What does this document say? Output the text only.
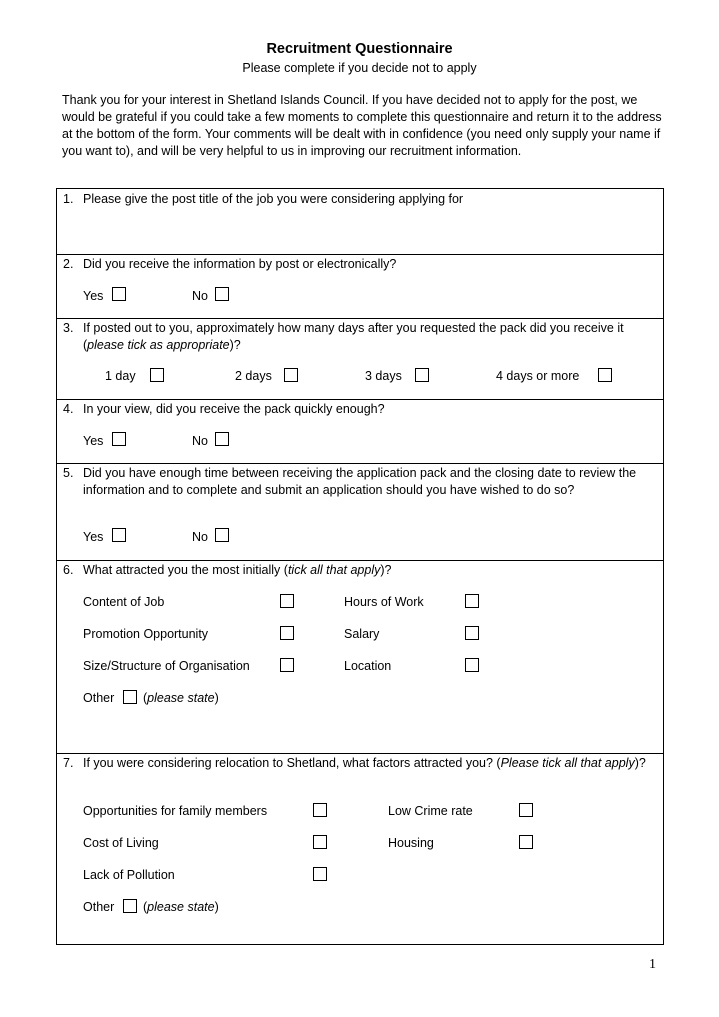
Recruitment Questionnaire
Please complete if you decide not to apply
Thank you for your interest in Shetland Islands Council. If you have decided not to apply for the post, we would be grateful if you could take a few moments to complete this questionnaire and return it to the address at the bottom of the form. Your comments will be dealt with in confidence (you need only supply your name if you want to), and will be very helpful to us in improving our recruitment information.
1. Please give the post title of the job you were considering applying for
2. Did you receive the information by post or electronically?
Yes	No
3. If posted out to you, approximately how many days after you requested the pack did you receive it (please tick as appropriate)?
1 day	2 days	3 days	4 days or more
4. In your view, did you receive the pack quickly enough?
Yes	No
5. Did you have enough time between receiving the application pack and the closing date to review the information and to complete and submit an application should you have wished to do so?
Yes	No
6. What attracted you the most initially (tick all that apply)?
Content of Job	Hours of Work
Promotion Opportunity	Salary
Size/Structure of Organisation	Location
Other (please state)
7. If you were considering relocation to Shetland, what factors attracted you? (Please tick all that apply)?
Opportunities for family members	Low Crime rate
Cost of Living	Housing
Lack of Pollution
Other (please state)
1
